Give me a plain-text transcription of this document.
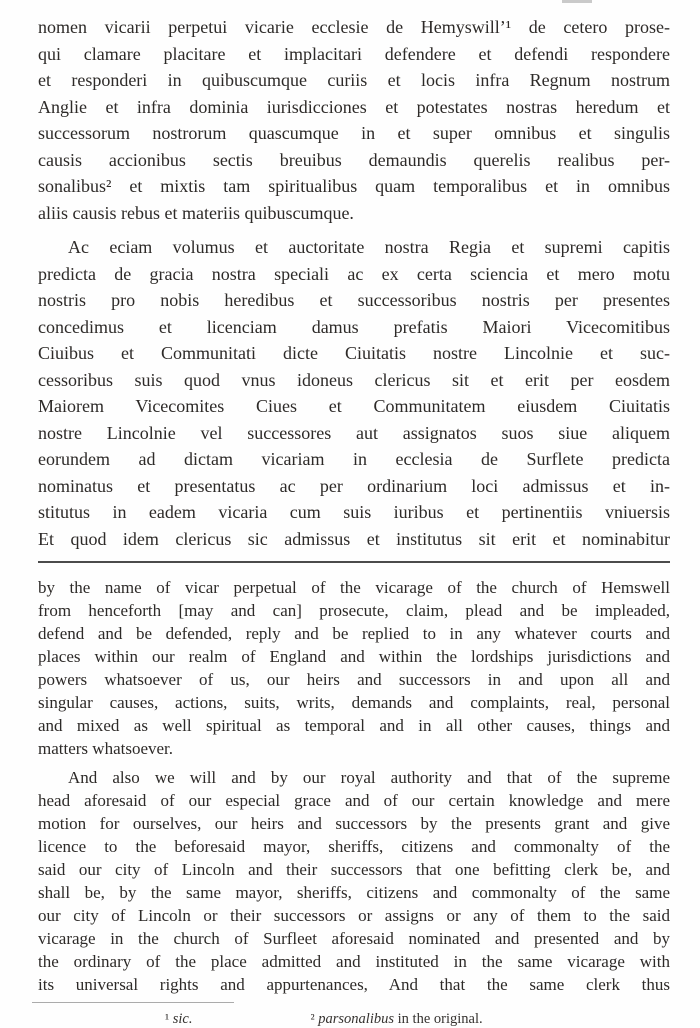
nomen vicarii perpetui vicarie ecclesie de Hemyswill’¹ de cetero prose-
qui clamare placitare et implacitari defendere et defendi respondere
et responderi in quibuscumque curiis et locis infra Regnum nostrum
Anglie et infra dominia iurisdicciones et potestates nostras heredum et
successorum nostrorum quascumque in et super omnibus et singulis
causis accionibus sectis breuibus demaundis querelis realibus per-
sonalibus² et mixtis tam spiritualibus quam temporalibus et in omnibus
aliis causis rebus et materiis quibuscumque.
Ac eciam volumus et auctoritate nostra Regia et supremi capitis
predicta de gracia nostra speciali ac ex certa sciencia et mero motu
nostris pro nobis heredibus et successoribus nostris per presentes
concedimus et licenciam damus prefatis Maiori Vicecomitibus
Ciuibus et Communitati dicte Ciuitatis nostre Lincolnie et suc-
cessoribus suis quod vnus idoneus clericus sit et erit per eosdem
Maiorem Vicecomites Ciues et Communitatem eiusdem Ciuitatis
nostre Lincolnie vel successores aut assignatos suos siue aliquem
eorundem ad dictam vicariam in ecclesia de Surflete predicta
nominatus et presentatus ac per ordinarium loci admissus et in-
stitutus in eadem vicaria cum suis iuribus et pertinentiis vniuersis
Et quod idem clericus sic admissus et institutus sit erit et nominabitur
by the name of vicar perpetual of the vicarage of the church of Hemswell
from henceforth [may and can] prosecute, claim, plead and be impleaded,
defend and be defended, reply and be replied to in any whatever courts and
places within our realm of England and within the lordships jurisdictions and
powers whatsoever of us, our heirs and successors in and upon all and
singular causes, actions, suits, writs, demands and complaints, real, personal
and mixed as well spiritual as temporal and in all other causes, things and
matters whatsoever.
And also we will and by our royal authority and that of the supreme
head aforesaid of our especial grace and of our certain knowledge and mere
motion for ourselves, our heirs and successors by the presents grant and give
licence to the beforesaid mayor, sheriffs, citizens and commonalty of the
said our city of Lincoln and their successors that one befitting clerk be, and
shall be, by the same mayor, sheriffs, citizens and commonalty of the same
our city of Lincoln or their successors or assigns or any of them to the said
vicarage in the church of Surfleet aforesaid nominated and presented and by
the ordinary of the place admitted and instituted in the same vicarage with
its universal rights and appurtenances, And that the same clerk thus
¹ sic.	² parsonalibus in the original.
